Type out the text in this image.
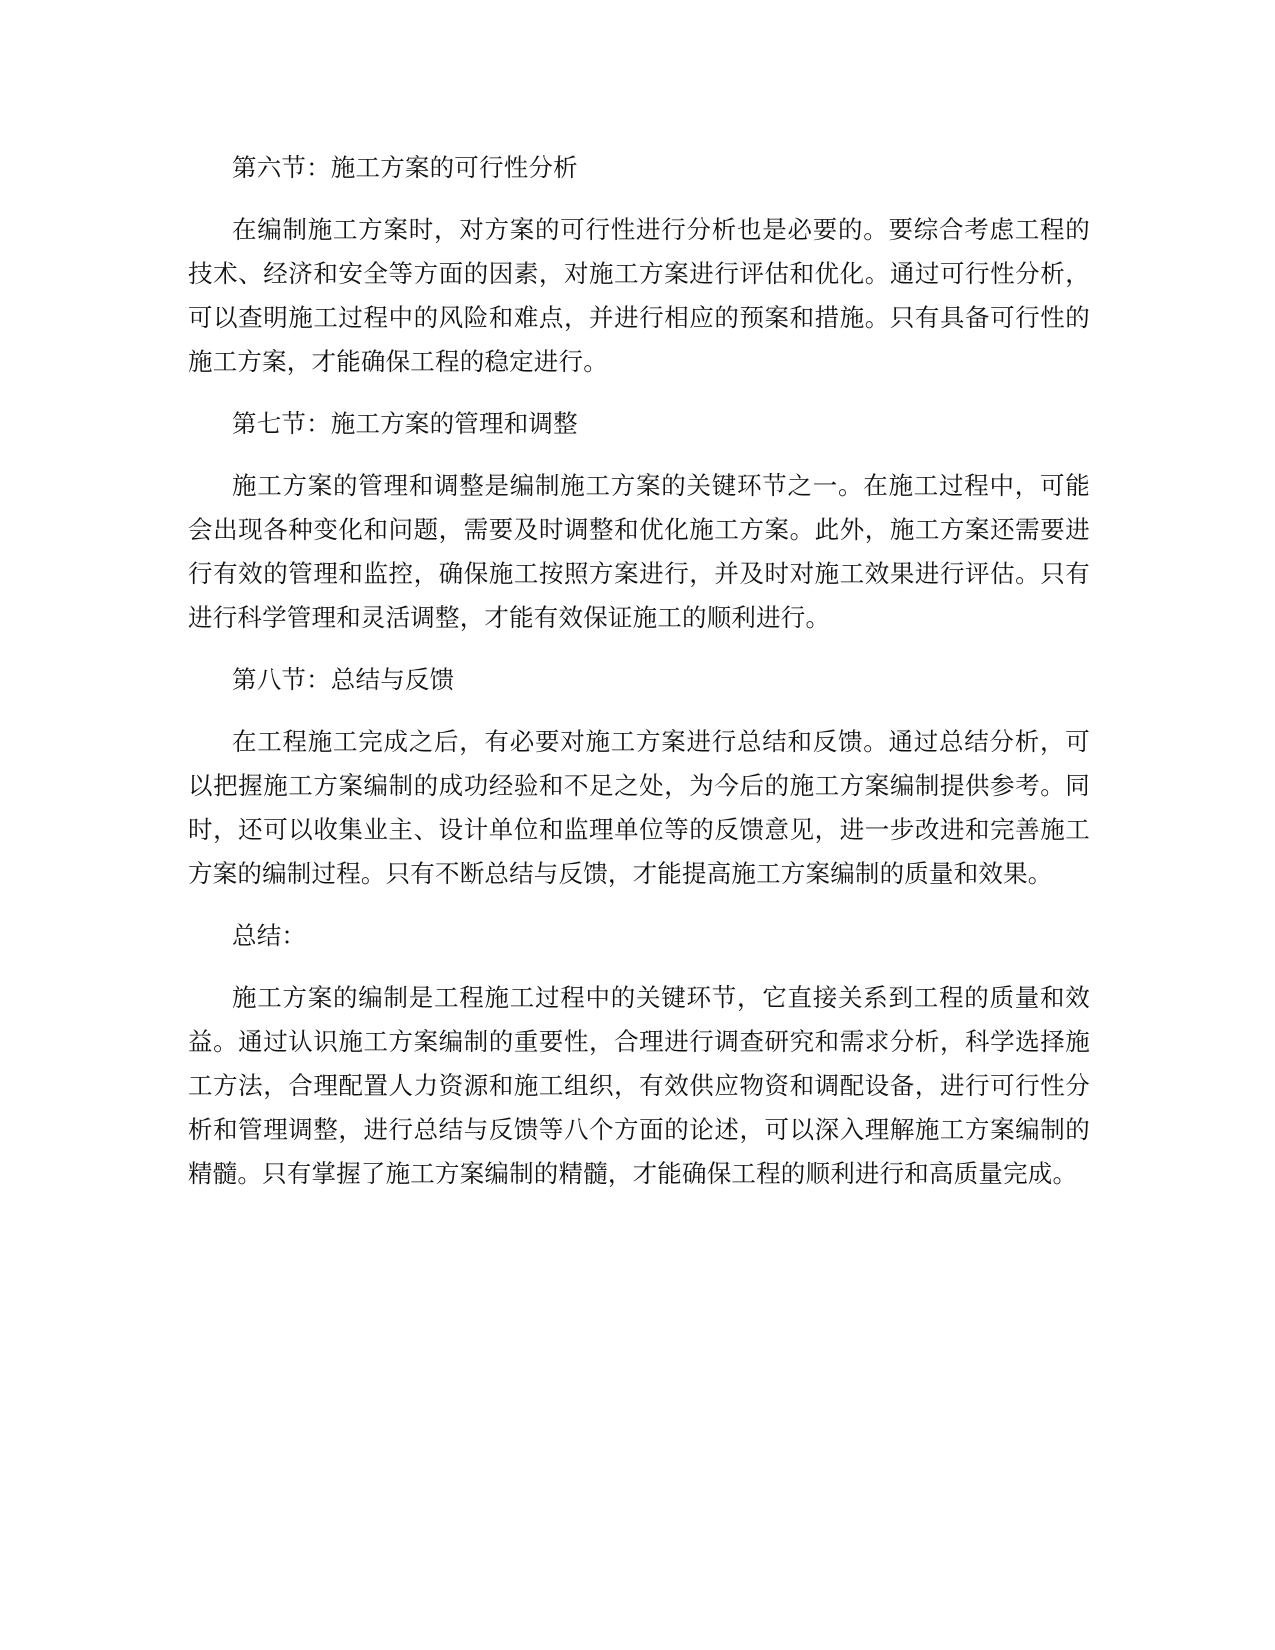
第六节：施工方案的可行性分析

在编制施工方案时，对方案的可行性进行分析也是必要的。要综合考虑工程的技术、经济和安全等方面的因素，对施工方案进行评估和优化。通过可行性分析，可以查明施工过程中的风险和难点，并进行相应的预案和措施。只有具备可行性的施工方案，才能确保工程的稳定进行。

第七节：施工方案的管理和调整

施工方案的管理和调整是编制施工方案的关键环节之一。在施工过程中，可能会出现各种变化和问题，需要及时调整和优化施工方案。此外，施工方案还需要进行有效的管理和监控，确保施工按照方案进行，并及时对施工效果进行评估。只有进行科学管理和灵活调整，才能有效保证施工的顺利进行。

第八节：总结与反馈

在工程施工完成之后，有必要对施工方案进行总结和反馈。通过总结分析，可以把握施工方案编制的成功经验和不足之处，为今后的施工方案编制提供参考。同时，还可以收集业主、设计单位和监理单位等的反馈意见，进一步改进和完善施工方案的编制过程。只有不断总结与反馈，才能提高施工方案编制的质量和效果。

总结：

施工方案的编制是工程施工过程中的关键环节，它直接关系到工程的质量和效益。通过认识施工方案编制的重要性，合理进行调查研究和需求分析，科学选择施工方法，合理配置人力资源和施工组织，有效供应物资和调配设备，进行可行性分析和管理调整，进行总结与反馈等八个方面的论述，可以深入理解施工方案编制的精髓。只有掌握了施工方案编制的精髓，才能确保工程的顺利进行和高质量完成。
